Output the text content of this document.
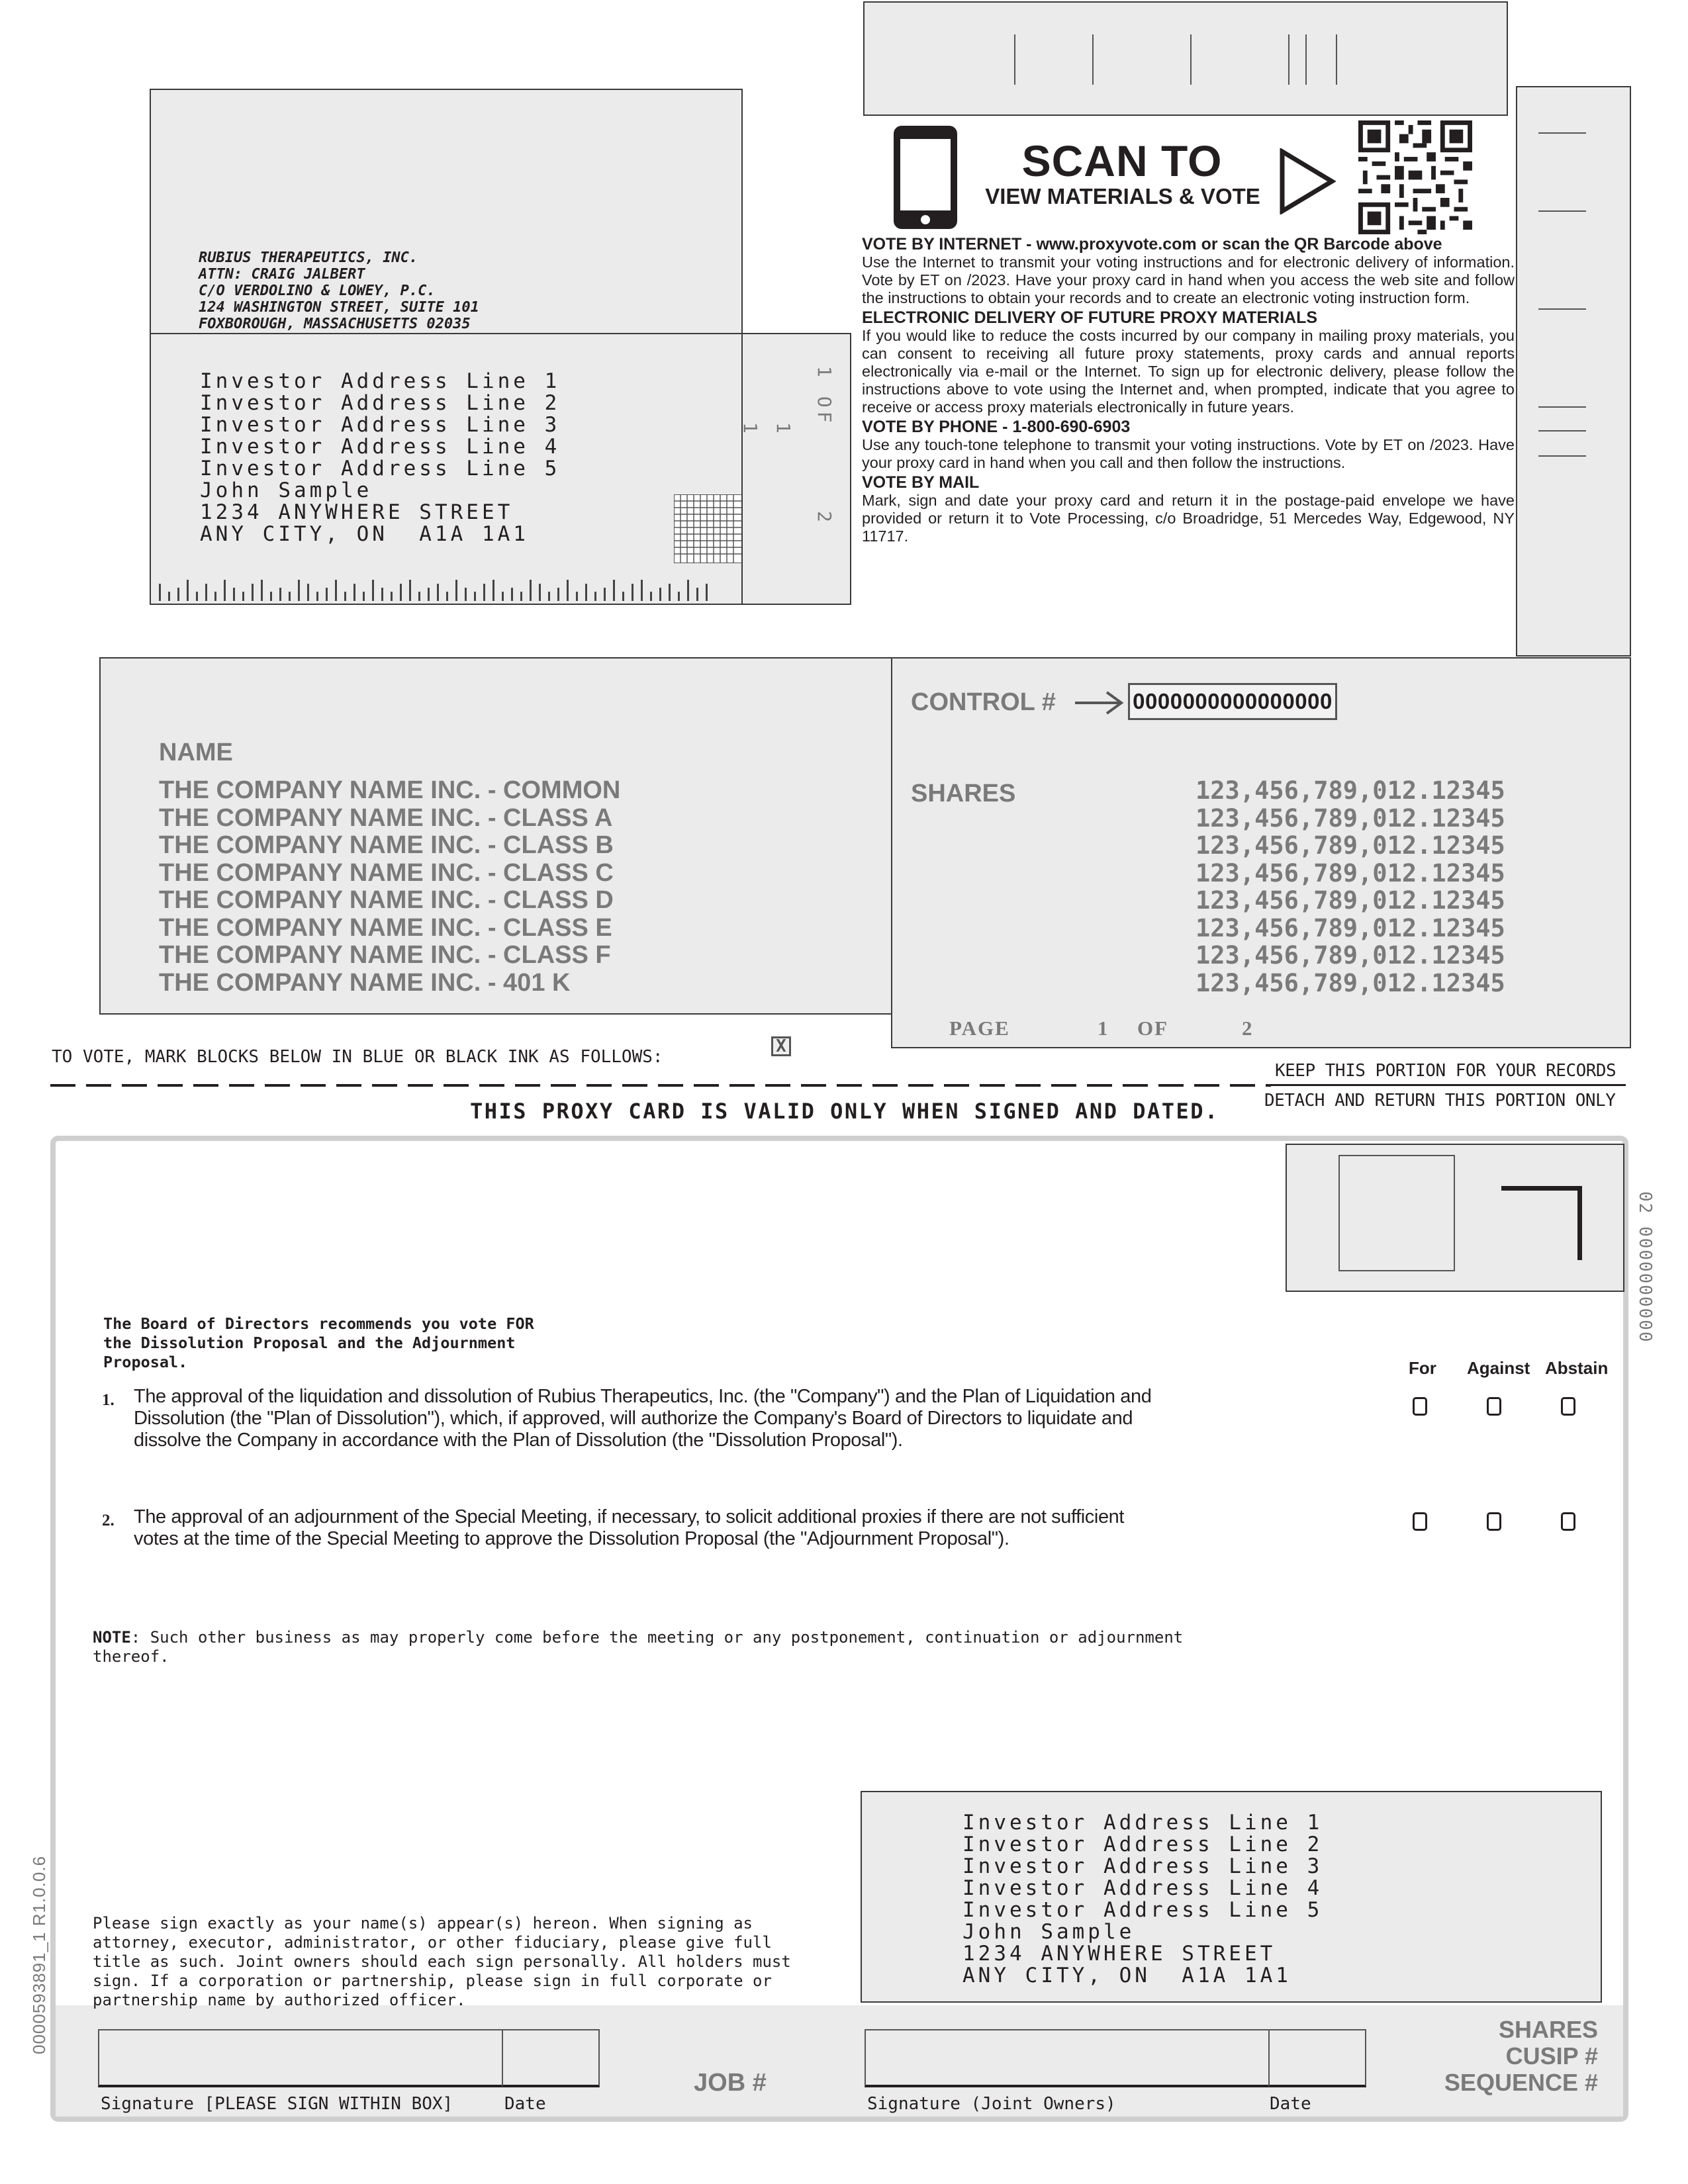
RUBIUS THERAPEUTICS, INC.
ATTN: CRAIG JALBERT
C/O VERDOLINO & LOWEY, P.C.
124 WASHINGTON STREET, SUITE 101
FOXBOROUGH, MASSACHUSETTS 02035
Investor Address Line 1
Investor Address Line 2
Investor Address Line 3
Investor Address Line 4
Investor Address Line 5
John Sample
1234 ANYWHERE STREET
ANY CITY, ON  A1A 1A1
1 OF
1
1
2
SCAN TO
VIEW MATERIALS & VOTE

VOTE BY INTERNET - www.proxyvote.com or scan the QR Barcode above

Use the Internet to transmit your voting instructions and for electronic delivery of information. Vote by ET on /2023. Have your proxy card in hand when you access the web site and follow the instructions to obtain your records and to create an electronic voting instruction form.

ELECTRONIC DELIVERY OF FUTURE PROXY MATERIALS

If you would like to reduce the costs incurred by our company in mailing proxy materials, you can consent to receiving all future proxy statements, proxy cards and annual reports electronically via e-mail or the Internet. To sign up for electronic delivery, please follow the instructions above to vote using the Internet and, when prompted, indicate that you agree to receive or access proxy materials electronically in future years.

VOTE BY PHONE - 1-800-690-6903

Use any touch-tone telephone to transmit your voting instructions. Vote by ET on /2023. Have your proxy card in hand when you call and then follow the instructions.

VOTE BY MAIL

Mark, sign and date your proxy card and return it in the postage-paid envelope we have provided or return it to Vote Processing, c/o Broadridge, 51 Mercedes Way, Edgewood, NY 11717.

NAME
THE COMPANY NAME INC. - COMMON
THE COMPANY NAME INC. - CLASS A
THE COMPANY NAME INC. - CLASS B
THE COMPANY NAME INC. - CLASS C
THE COMPANY NAME INC. - CLASS D
THE COMPANY NAME INC. - CLASS E
THE COMPANY NAME INC. - CLASS F
THE COMPANY NAME INC. - 401 K
CONTROL #	0000000000000000
SHARES	123,456,789,012.12345
123,456,789,012.12345
123,456,789,012.12345
123,456,789,012.12345
123,456,789,012.12345
123,456,789,012.12345
123,456,789,012.12345
123,456,789,012.12345
PAGE	1 OF	2
TO VOTE, MARK BLOCKS BELOW IN BLUE OR BLACK INK AS FOLLOWS:
X
KEEP THIS PORTION FOR YOUR RECORDS
DETACH AND RETURN THIS PORTION ONLY
THIS PROXY CARD IS VALID ONLY WHEN SIGNED AND DATED.
02 0000000000
The Board of Directors recommends you vote FOR
the Dissolution Proposal and the Adjournment
Proposal.	For Against Abstain
1. The approval of the liquidation and dissolution of Rubius Therapeutics, Inc. (the "Company") and the Plan of Liquidation and Dissolution (the "Plan of Dissolution"), which, if approved, will authorize the Company's Board of Directors to liquidate and dissolve the Company in accordance with the Plan of Dissolution (the "Dissolution Proposal").
2. The approval of an adjournment of the Special Meeting, if necessary, to solicit additional proxies if there are not sufficient votes at the time of the Special Meeting to approve the Dissolution Proposal (the "Adjournment Proposal").
NOTE: Such other business as may properly come before the meeting or any postponement, continuation or adjournment thereof.
Investor Address Line 1
Investor Address Line 2
Investor Address Line 3
Investor Address Line 4
Investor Address Line 5
John Sample
1234 ANYWHERE STREET
ANY CITY, ON  A1A 1A1
Please sign exactly as your name(s) appear(s) hereon. When signing as
attorney, executor, administrator, or other fiduciary, please give full
title as such. Joint owners should each sign personally. All holders must
sign. If a corporation or partnership, please sign in full corporate or
partnership name by authorized officer.
Signature [PLEASE SIGN WITHIN BOX]	Date
JOB #
Signature (Joint Owners)	Date
SHARES
CUSIP #
SEQUENCE #
0000593891_1 R1.0.0.6
